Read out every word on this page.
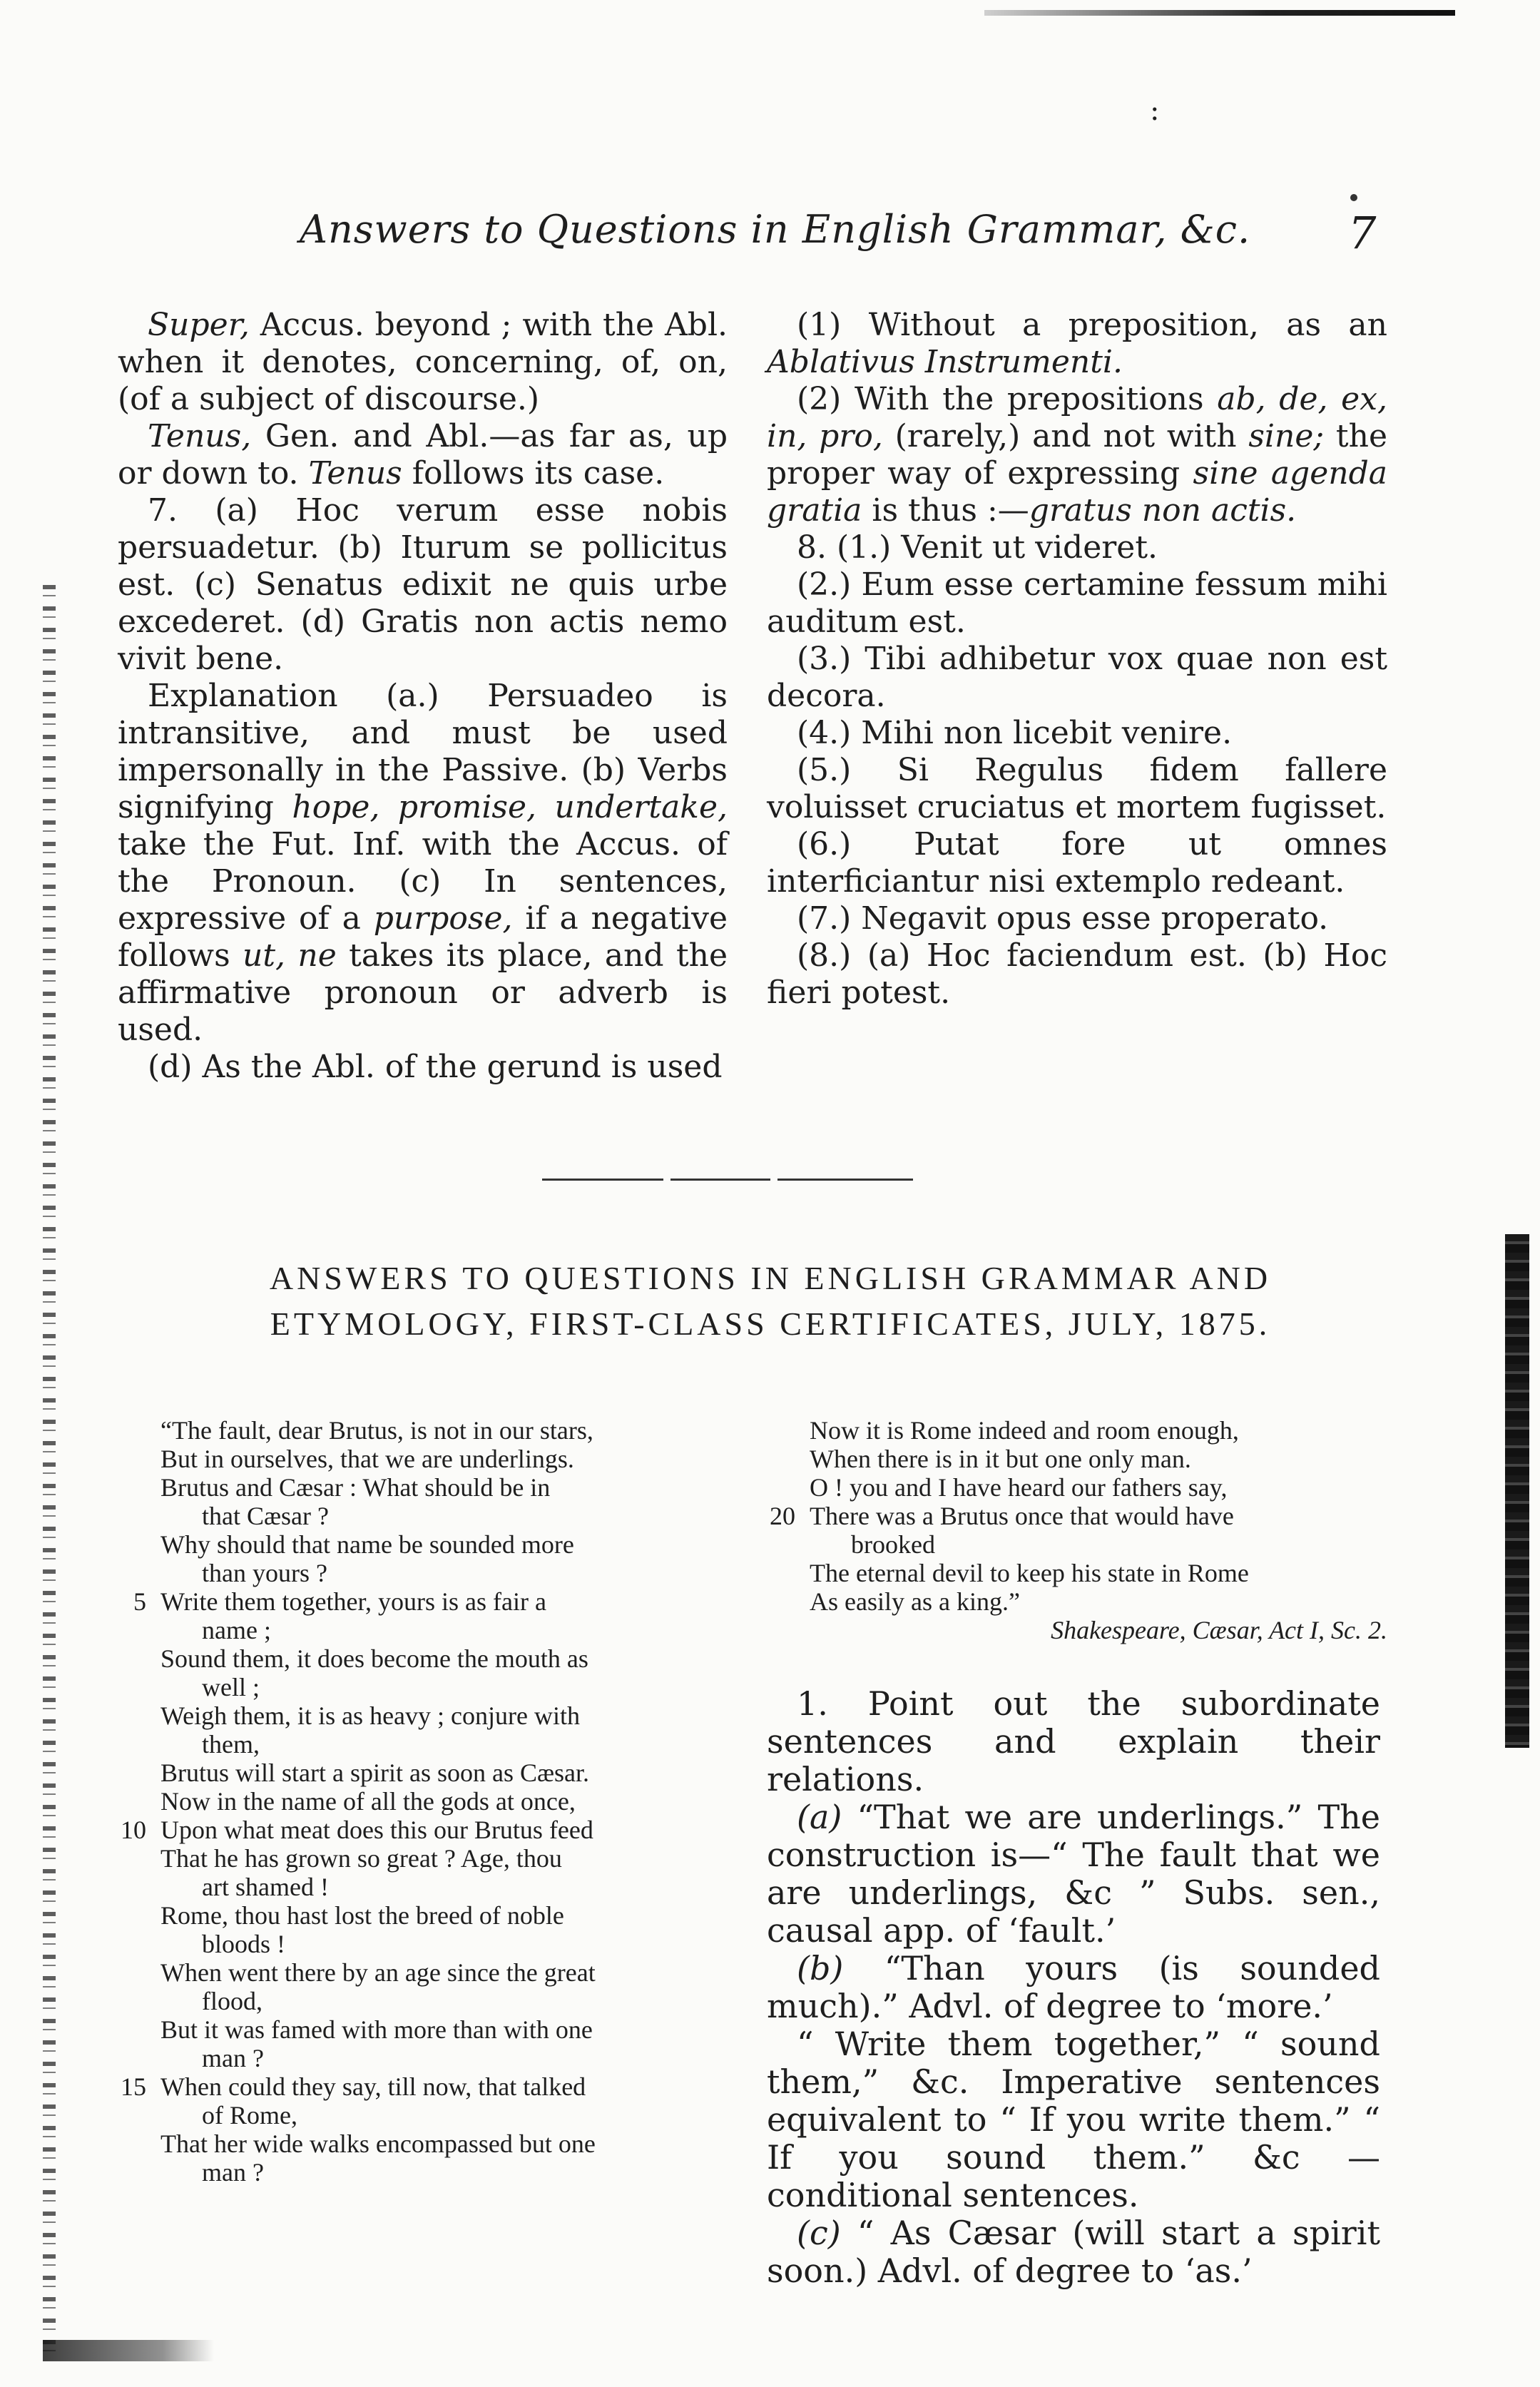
:
Answers to Questions in English Grammar, &c. 7

Super, Accus. beyond ; with the Abl. when it denotes, concerning, of, on, (of a subject of discourse.)

Tenus, Gen. and Abl.—as far as, up or down to. Tenus follows its case.

7. (a) Hoc verum esse nobis persuadetur. (b) Iturum se pollicitus est. (c) Senatus edixit ne quis urbe excederet. (d) Gratis non actis nemo vivit bene.

Explanation (a.) Persuadeo is intransitive, and must be used impersonally in the Passive. (b) Verbs signifying hope, promise, undertake, take the Fut. Inf. with the Accus. of the Pronoun. (c) In sentences, expressive of a purpose, if a negative follows ut, ne takes its place, and the affirmative pronoun or adverb is used.

(d) As the Abl. of the gerund is used

(1) Without a preposition, as an Ablativus Instrumenti.

(2) With the prepositions ab, de, ex, in, pro, (rarely,) and not with sine; the proper way of expressing sine agenda gratia is thus :—gratus non actis.

8. (1.) Venit ut videret.

(2.) Eum esse certamine fessum mihi auditum est.

(3.) Tibi adhibetur vox quae non est decora.

(4.) Mihi non licebit venire.

(5.) Si Regulus fidem fallere voluisset cruciatus et mortem fugisset.

(6.) Putat fore ut omnes interficiantur nisi extemplo redeant.

(7.) Negavit opus esse properato.

(8.) (a) Hoc faciendum est. (b) Hoc fieri potest.

ANSWERS TO QUESTIONS IN ENGLISH GRAMMAR AND
ETYMOLOGY, FIRST-CLASS CERTIFICATES, JULY, 1875.
“The fault, dear Brutus, is not in our stars,
But in ourselves, that we are underlings.
Brutus and Cæsar : What should be in
that Cæsar ?
Why should that name be sounded more
than yours ?
5 Write them together, yours is as fair a
name ;
Sound them, it does become the mouth as
well ;
Weigh them, it is as heavy ; conjure with
them,
Brutus will start a spirit as soon as Cæsar.
Now in the name of all the gods at once,
10 Upon what meat does this our Brutus feed
That he has grown so great ? Age, thou
art shamed !
Rome, thou hast lost the breed of noble
bloods !
When went there by an age since the great
flood,
But it was famed with more than with one
man ?
15 When could they say, till now, that talked
of Rome,
That her wide walks encompassed but one
man ?
Now it is Rome indeed and room enough,
When there is in it but one only man.
O ! you and I have heard our fathers say,
20 There was a Brutus once that would have
brooked
The eternal devil to keep his state in Rome
As easily as a king.”
Shakespeare, Cæsar, Act I, Sc. 2.

1. Point out the subordinate sentences and explain their relations.

(a) “That we are underlings.” The construction is—“ The fault that we are underlings, &c ” Subs. sen., causal app. of ‘fault.’

(b) “Than yours (is sounded much).” Advl. of degree to ‘more.’

“ Write them together,” “ sound them,” &c. Imperative sentences equivalent to “ If you write them.” “ If you sound them.” &c — conditional sentences.

(c) “ As Cæsar (will start a spirit soon.) Advl. of degree to ‘as.’
